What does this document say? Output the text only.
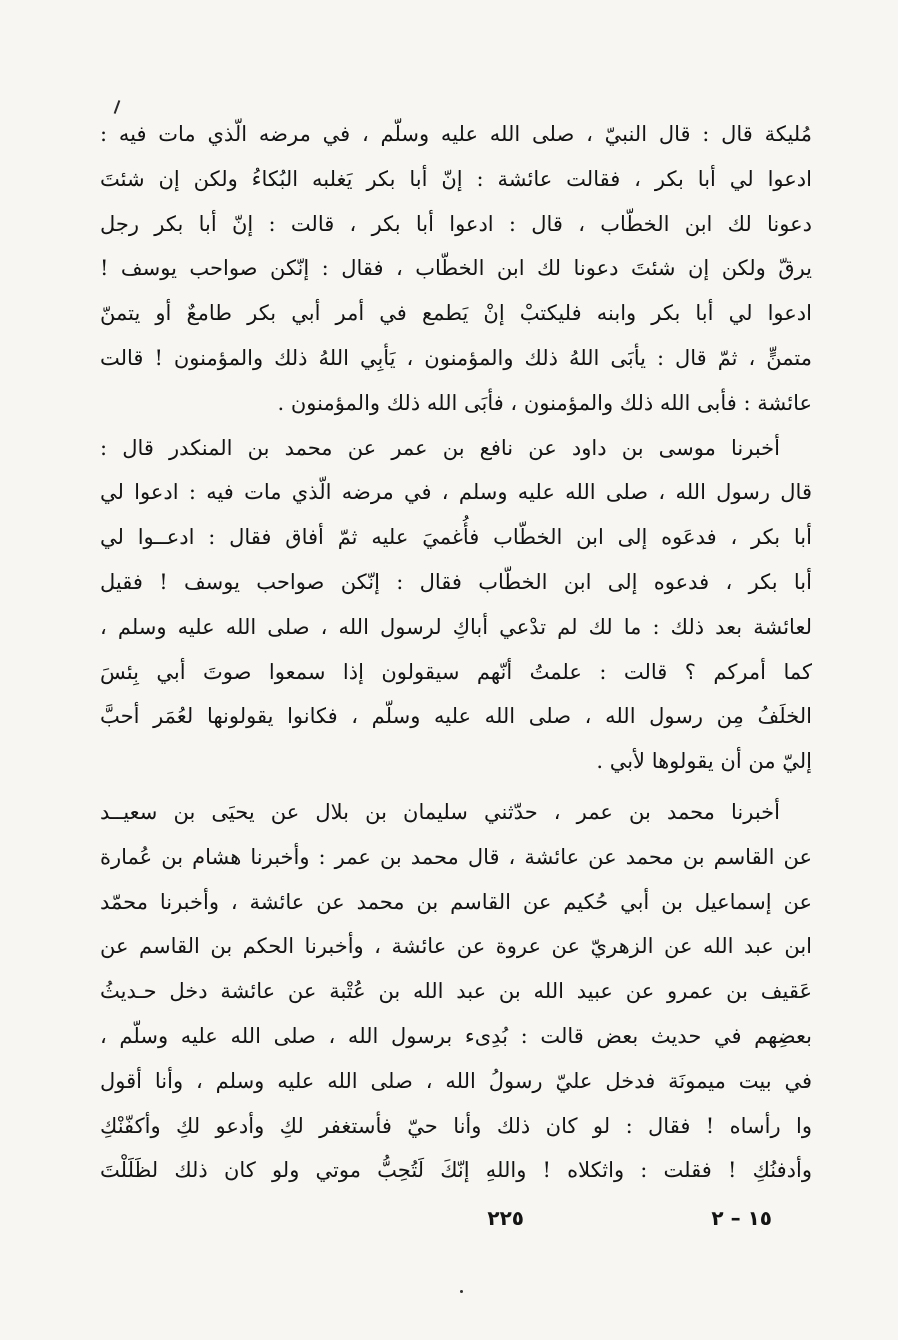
مُليكة قال : قال النبيّ ، صلى الله عليه وسلّم ، في مرضه الّذي مات فيه :
ادعوا لي أبا بكر ، فقالت عائشة : إنّ أبا بكر يَغلبه البُكاءُ ولكن إن شئتَ
دعونا لك ابن الخطّاب ، قال : ادعوا أبا بكر ، قالت : إنّ أبا بكر رجل
يرقّ ولكن إن شئتَ دعونا لك ابن الخطّاب ، فقال : إنّكن صواحب يوسف !
ادعوا لي أبا بكر وابنه فليكتبْ إنْ يَطمع في أمر أبي بكر طامعٌ أو يتمنّ
متمنٍّ ، ثمّ قال : يأبَى اللهُ ذلك والمؤمنون ، يَأبِي اللهُ ذلك والمؤمنون ! قالت
عائشة : فأبى الله ذلك والمؤمنون ، فأبَى الله ذلك والمؤمنون .
أخبرنا موسى بن داود عن نافع بن عمر عن محمد بن المنكدر قال :
قال رسول الله ، صلى الله عليه وسلم ، في مرضه الّذي مات فيه : ادعوا لي
أبا بكر ، فدعَوه إلى ابن الخطّاب فأُغميَ عليه ثمّ أفاق فقال : ادعــوا لي
أبا بكر ، فدعوه إلى ابن الخطّاب فقال : إنّكن صواحب يوسف ! فقيل
لعائشة بعد ذلك : ما لك لم تدْعي أباكِ لرسول الله ، صلى الله عليه وسلم ،
كما أمركم ؟ قالت : علمتُ أنّهم سيقولون إذا سمعوا صوتَ أبي بِئسَ
الخلَفُ مِن رسول الله ، صلى الله عليه وسلّم ، فكانوا يقولونها لعُمَر أحبَّ
إليّ من أن يقولوها لأبي .
أخبرنا محمد بن عمر ، حدّثني سليمان بن بلال عن يحيَى بن سعيــد
عن القاسم بن محمد عن عائشة ، قال محمد بن عمر : وأخبرنا هشام بن عُمارة
عن إسماعيل بن أبي حُكيم عن القاسم بن محمد عن عائشة ، وأخبرنا محمّد
ابن عبد الله عن الزهريّ عن عروة عن عائشة ، وأخبرنا الحكم بن القاسم عن
عَقيف بن عمرو عن عبيد الله بن عبد الله بن عُتْبة عن عائشة دخل حـديثُ
بعضِهم في حديث بعض قالت : بُدِىء برسول الله ، صلى الله عليه وسلّم ،
في بيت ميمونَة فدخل عليّ رسولُ الله ، صلى الله عليه وسلم ، وأنا أقول
وا رأساه ! فقال : لو كان ذلك وأنا حيّ فأستغفر لكِ وأدعو لكِ وأكفّنْكِ
وأدفنُكِ ! فقلت : واثكلاه ! واللهِ إنّكَ لَتُحِبُّ موتي ولو كان ذلك لظَلَلْتَ
١٥ – ٢
٢٢٥
